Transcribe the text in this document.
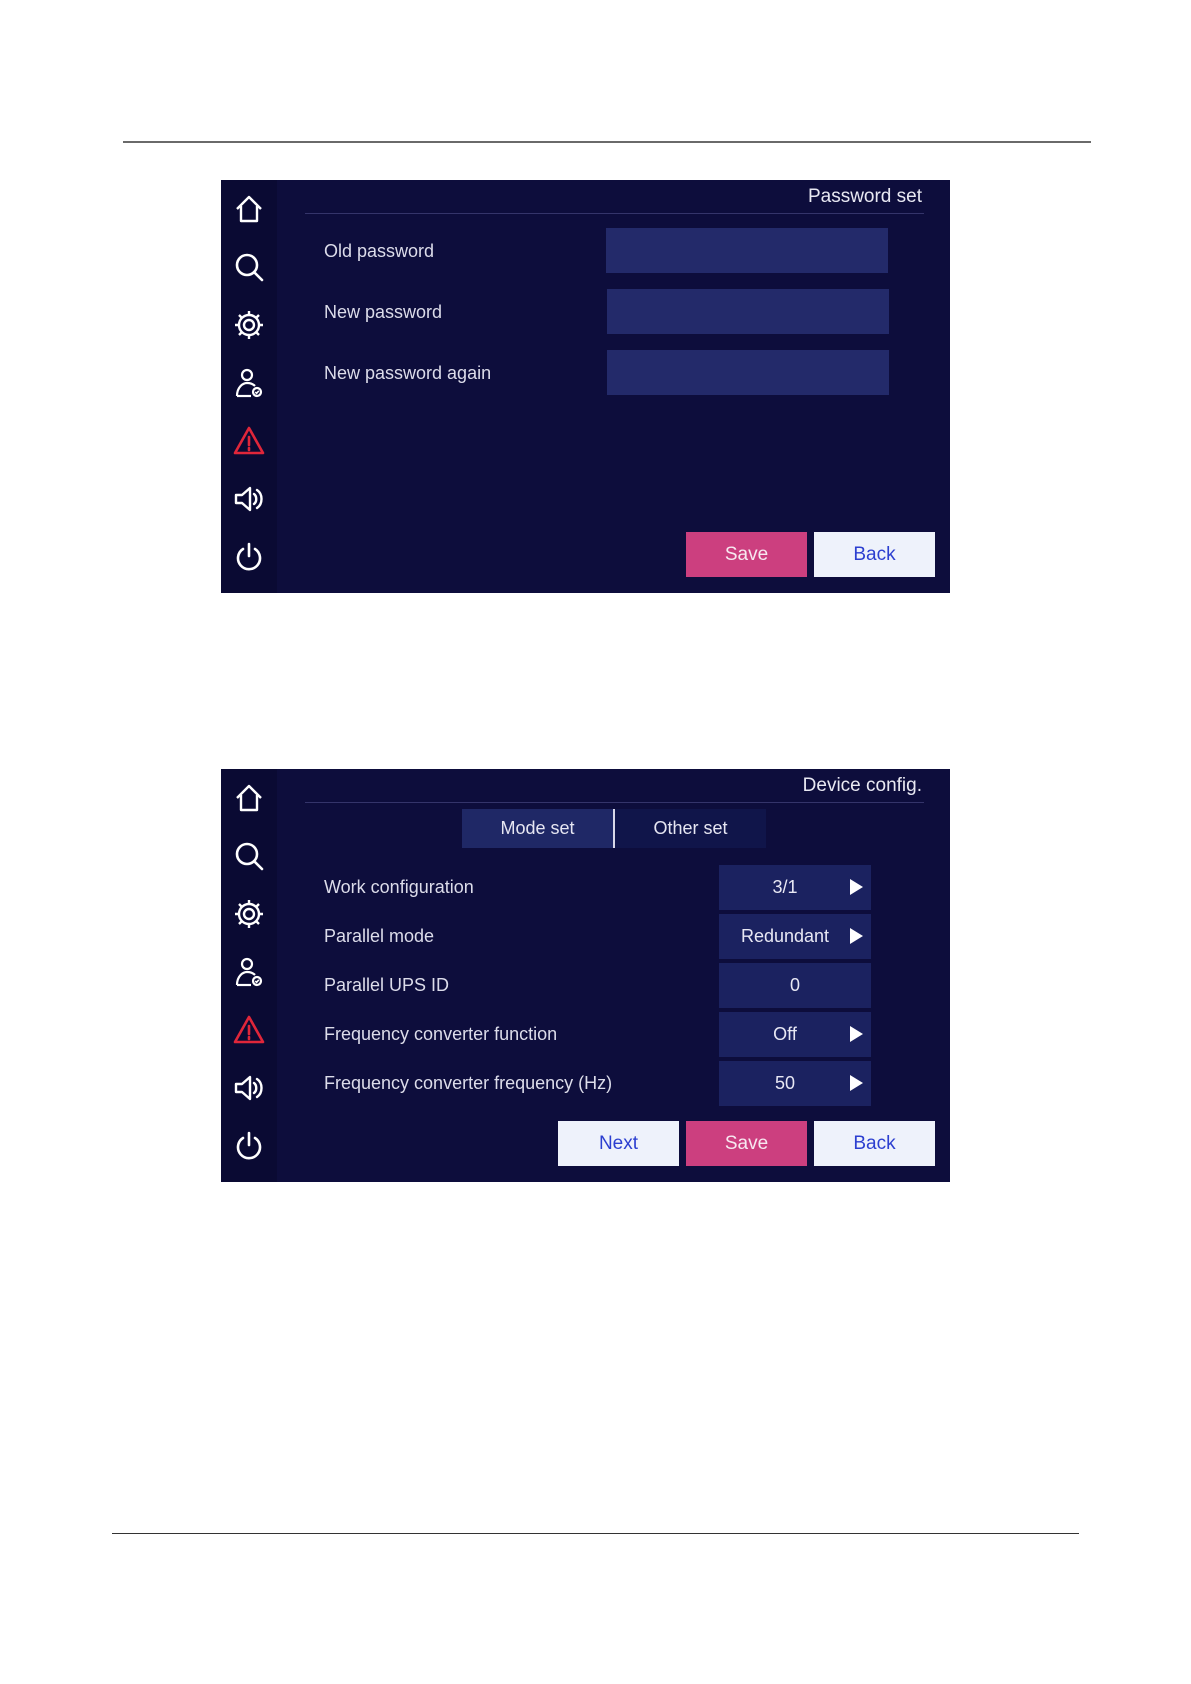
Password set
Old password
New password
New password again
Save	Back
Device config.
Mode set	Other set
Work configuration	3/1
Parallel mode	Redundant
Parallel UPS ID	0
Frequency converter function	Off
Frequency converter frequency (Hz)	50
Next	Save	Back
